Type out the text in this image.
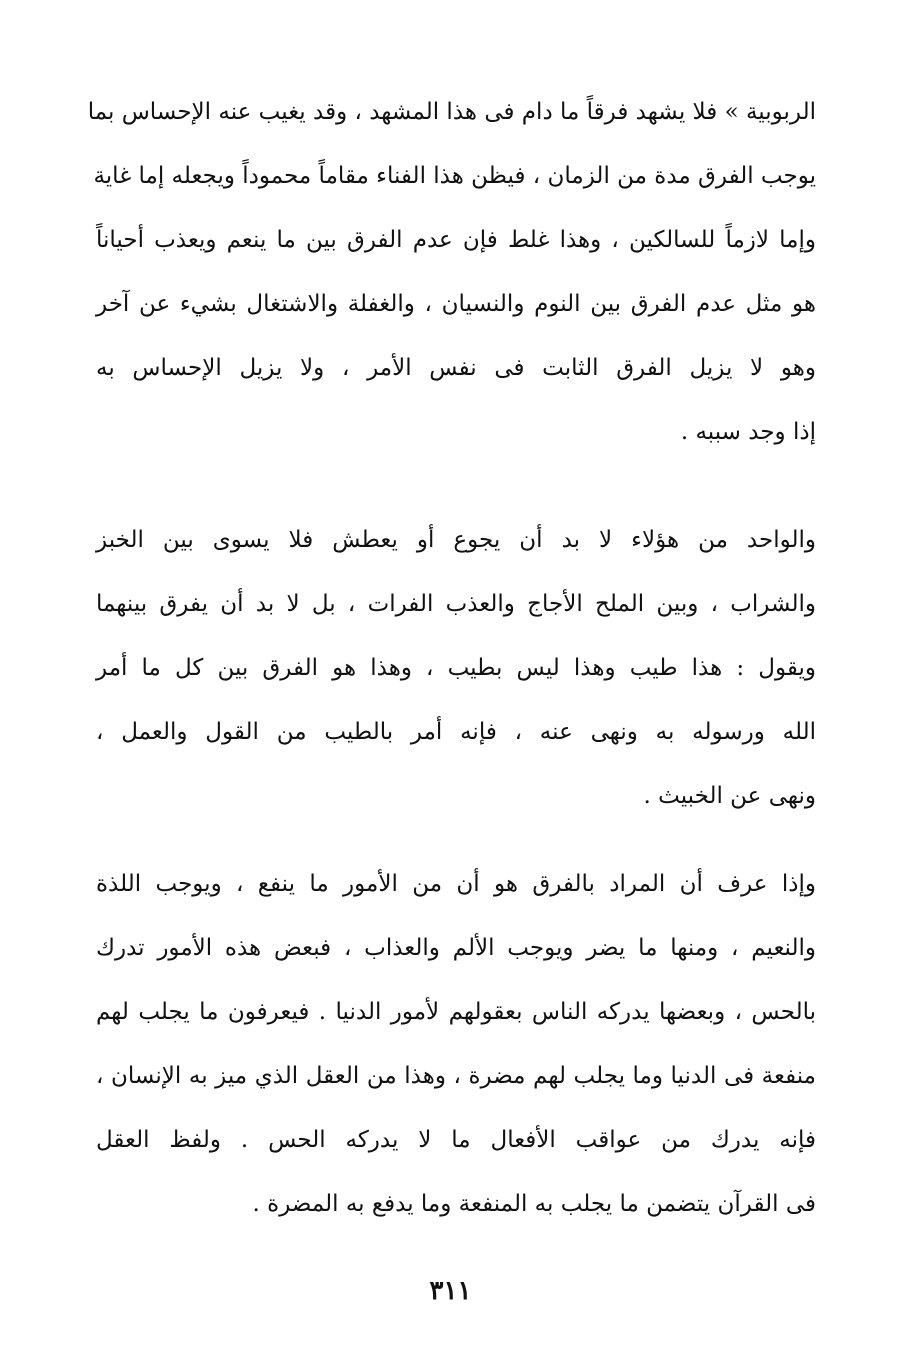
الربوبية » فلا يشهد فرقاً ما دام فى هذا المشهد ، وقد يغيب عنه الإحساس بما
يوجب الفرق مدة من الزمان ، فيظن هذا الفناء مقاماً محموداً ويجعله إما غاية
وإما لازماً للسالكين ، وهذا غلط فإن عدم الفرق بين ما ينعم ويعذب أحياناً
هو مثل عدم الفرق بين النوم والنسيان ، والغفلة والاشتغال بشيء عن آخر
وهو لا يزيل الفرق الثابت فى نفس الأمر ، ولا يزيل الإحساس به
إذا وجد سببه .
والواحد من هؤلاء لا بد أن يجوع أو يعطش فلا يسوى بين الخبز
والشراب ، وبين الملح الأجاج والعذب الفرات ، بل لا بد أن يفرق بينهما
ويقول : هذا طيب وهذا ليس بطيب ، وهذا هو الفرق بين كل ما أمر
الله ورسوله به ونهى عنه ، فإنه أمر بالطيب من القول والعمل ،
ونهى عن الخبيث .
وإذا عرف أن المراد بالفرق هو أن من الأمور ما ينفع ، ويوجب اللذة
والنعيم ، ومنها ما يضر ويوجب الألم والعذاب ، فبعض هذه الأمور تدرك
بالحس ، وبعضها يدركه الناس بعقولهم لأمور الدنيا . فيعرفون ما يجلب لهم
منفعة فى الدنيا وما يجلب لهم مضرة ، وهذا من العقل الذي ميز به الإنسان ،
فإنه يدرك من عواقب الأفعال ما لا يدركه الحس . ولفظ العقل
فى القرآن يتضمن ما يجلب به المنفعة وما يدفع به المضرة .
٣١١
